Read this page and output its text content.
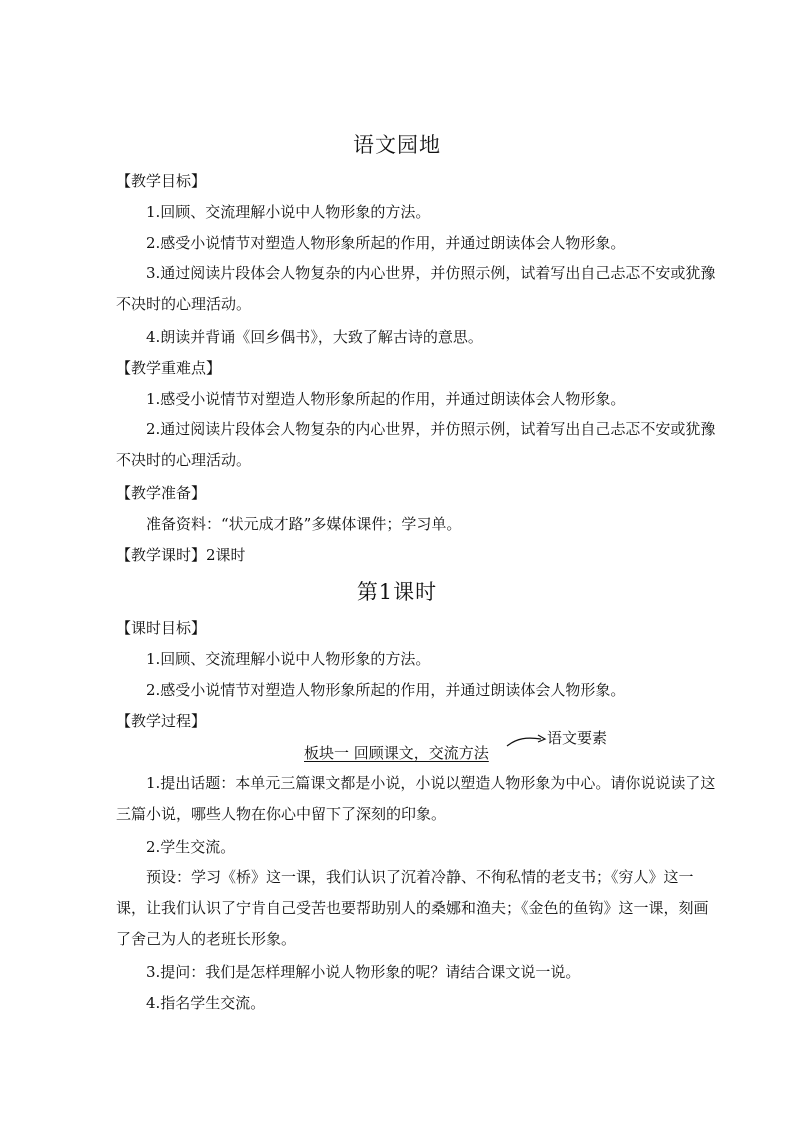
语文园地
【教学目标】

1.回顾、交流理解小说中人物形象的方法。

2.感受小说情节对塑造人物形象所起的作用，并通过朗读体会人物形象。

3.通过阅读片段体会人物复杂的内心世界，并仿照示例，试着写出自己忐忑不安或犹豫不决时的心理活动。

4.朗读并背诵《回乡偶书》，大致了解古诗的意思。

【教学重难点】

1.感受小说情节对塑造人物形象所起的作用，并通过朗读体会人物形象。

2.通过阅读片段体会人物复杂的内心世界，并仿照示例，试着写出自己忐忑不安或犹豫不决时的心理活动。

【教学准备】

准备资料：“状元成才路”多媒体课件；学习单。

【教学课时】2课时
第1课时
【课时目标】

1.回顾、交流理解小说中人物形象的方法。

2.感受小说情节对塑造人物形象所起的作用，并通过朗读体会人物形象。

【教学过程】
板块一 回顾课文，交流方法
语文要素

1.提出话题：本单元三篇课文都是小说，小说以塑造人物形象为中心。请你说说读了这三篇小说，哪些人物在你心中留下了深刻的印象。

2.学生交流。

预设：学习《桥》这一课，我们认识了沉着冷静、不徇私情的老支书；《穷人》这一课，让我们认识了宁肯自己受苦也要帮助别人的桑娜和渔夫；《金色的鱼钩》这一课，刻画了舍己为人的老班长形象。

3.提问：我们是怎样理解小说人物形象的呢？请结合课文说一说。

4.指名学生交流。
